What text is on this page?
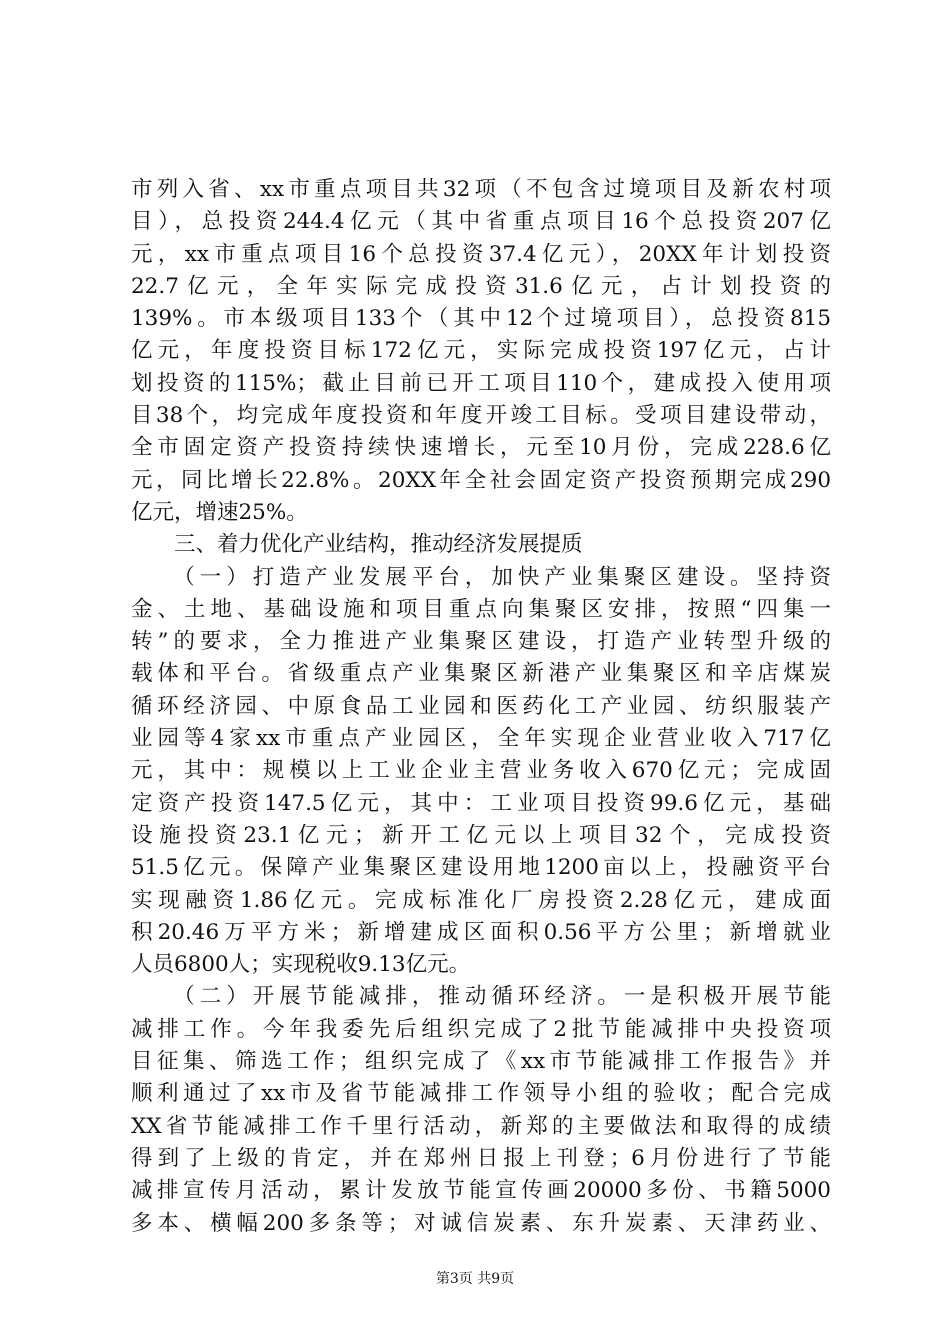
市列入省、xx市重点项目共32项（不包含过境项目及新农村项
目），总投资244.4亿元（其中省重点项目16个总投资207亿
元，xx市重点项目16个总投资37.4亿元），20XX年计划投资
22.7亿元，全年实际完成投资31.6亿元，占计划投资的
139%。市本级项目133个（其中12个过境项目），总投资815
亿元，年度投资目标172亿元，实际完成投资197亿元，占计
划投资的115%；截止目前已开工项目110个，建成投入使用项
目38个，均完成年度投资和年度开竣工目标。受项目建设带动，
全市固定资产投资持续快速增长，元至10月份，完成228.6亿
元，同比增长22.8%。20XX年全社会固定资产投资预期完成290
亿元，增速25%。
　　三、着力优化产业结构，推动经济发展提质
　　（一）打造产业发展平台，加快产业集聚区建设。坚持资
金、土地、基础设施和项目重点向集聚区安排，按照“四集一
转”的要求，全力推进产业集聚区建设，打造产业转型升级的
载体和平台。省级重点产业集聚区新港产业集聚区和辛店煤炭
循环经济园、中原食品工业园和医药化工产业园、纺织服装产
业园等4家xx市重点产业园区，全年实现企业营业收入717亿
元，其中：规模以上工业企业主营业务收入670亿元；完成固
定资产投资147.5亿元，其中：工业项目投资99.6亿元，基础
设施投资23.1亿元；新开工亿元以上项目32个，完成投资
51.5亿元。保障产业集聚区建设用地1200亩以上，投融资平台
实现融资1.86亿元。完成标准化厂房投资2.28亿元，建成面
积20.46万平方米；新增建成区面积0.56平方公里；新增就业
人员6800人；实现税收9.13亿元。
　　（二）开展节能减排，推动循环经济。一是积极开展节能
减排工作。今年我委先后组织完成了2批节能减排中央投资项
目征集、筛选工作；组织完成了《xx市节能减排工作报告》并
顺利通过了xx市及省节能减排工作领导小组的验收；配合完成
XX省节能减排工作千里行活动，新郑的主要做法和取得的成绩
得到了上级的肯定，并在郑州日报上刊登；6月份进行了节能
减排宣传月活动，累计发放节能宣传画20000多份、书籍5000
多本、横幅200多条等；对诚信炭素、东升炭素、天津药业、
第3页 共9页
